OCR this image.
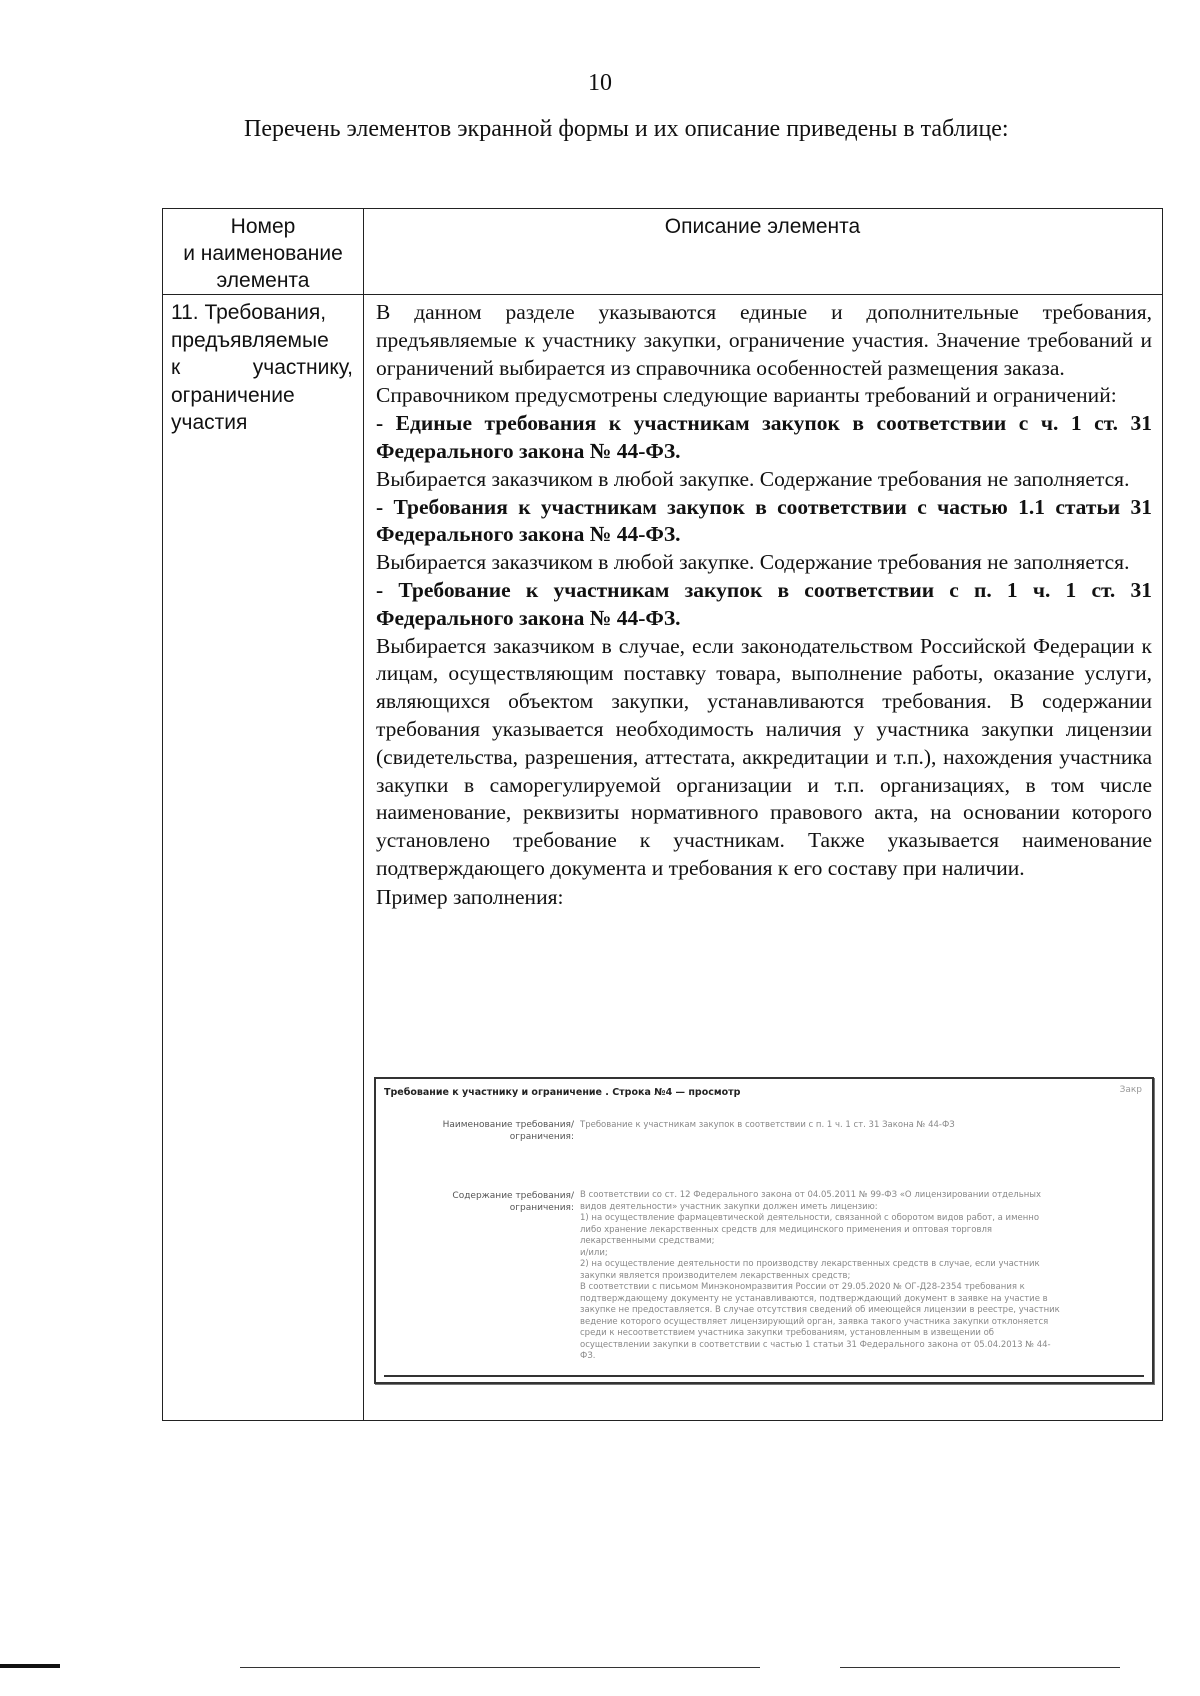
10
Перечень элементов экранной формы и их описание приведены в таблице:
Номер
и наименование
элемента
Описание элемента
11. Требования,
предъявляемые
к	участнику,
ограничение
участия

В данном разделе указываются единые и дополнительные требования, предъявляемые к участнику закупки, ограничение участия. Значение требований и ограничений выбирается из справочника особенностей размещения заказа.

Справочником предусмотрены следующие варианты требований и ограничений:

- Единые требования к участникам закупок в соответствии с ч. 1 ст. 31 Федерального закона № 44-ФЗ.

Выбирается заказчиком в любой закупке. Содержание требования не заполняется.

- Требования к участникам закупок в соответствии с частью 1.1 статьи 31 Федерального закона № 44-ФЗ.

Выбирается заказчиком в любой закупке. Содержание требования не заполняется.

- Требование к участникам закупок в соответствии с п. 1 ч. 1 ст. 31 Федерального закона № 44-ФЗ.

Выбирается заказчиком в случае, если законодательством Российской Федерации к лицам, осуществляющим поставку товара, выполнение работы, оказание услуги, являющихся объектом закупки, устанавливаются требования. В содержании требования указывается необходимость наличия у участника закупки лицензии (свидетельства, разрешения, аттестата, аккредитации и т.п.), нахождения участника закупки в саморегулируемой организации и т.п. организациях, в том числе наименование, реквизиты нормативного правового акта, на основании которого установлено требование к участникам. Также указывается наименование подтверждающего документа и требования к его составу при наличии.

Пример заполнения:

Требование к участнику и ограничение . Строка №4 — просмотр	Закр
Наименование требования/
ограничения:
Требование к участникам закупок в соответствии с п. 1 ч. 1 ст. 31 Закона № 44-ФЗ
Содержание требования/
ограничения:
В соответствии со ст. 12 Федерального закона от 04.05.2011 № 99-ФЗ «О лицензировании отдельных
видов деятельности» участник закупки должен иметь лицензию:
1) на осуществление фармацевтической деятельности, связанной с оборотом видов работ, а именно
либо хранение лекарственных средств для медицинского применения и оптовая торговля
лекарственными средствами;
и/или;
2) на осуществление деятельности по производству лекарственных средств в случае, если участник
закупки является производителем лекарственных средств;
В соответствии с письмом Минэкономразвития России от 29.05.2020 № ОГ-Д28-2354 требования к
подтверждающему документу не устанавливаются, подтверждающий документ в заявке на участие в
закупке не предоставляется. В случае отсутствия сведений об имеющейся лицензии в реестре, участник
ведение которого осуществляет лицензирующий орган, заявка такого участника закупки отклоняется
среди к несоответствием участника закупки требованиям, установленным в извещении об
осуществлении закупки в соответствии с частью 1 статьи 31 Федерального закона от 05.04.2013 № 44-
ФЗ.
